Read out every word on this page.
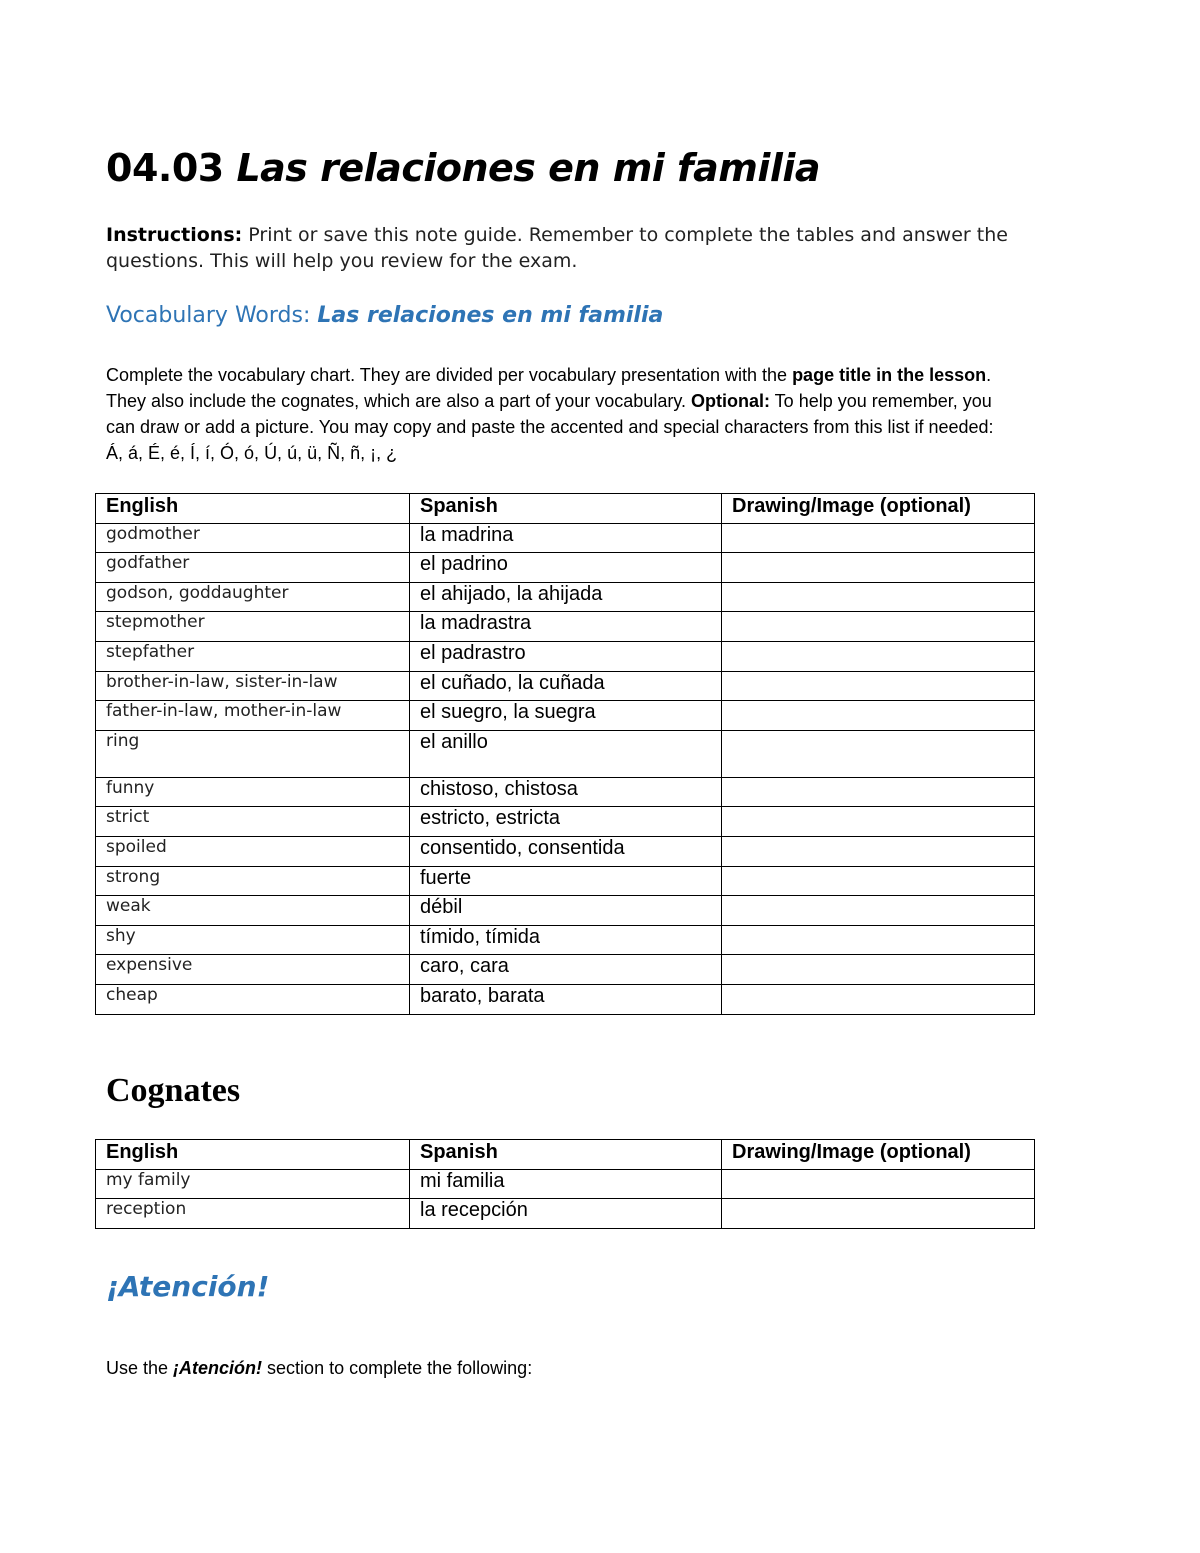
04.03 Las relaciones en mi familia
Instructions: Print or save this note guide. Remember to complete the tables and answer the questions. This will help you review for the exam.
Vocabulary Words: Las relaciones en mi familia

Complete the vocabulary chart. They are divided per vocabulary presentation with the page title in the lesson.

They also include the cognates, which are also a part of your vocabulary. Optional: To help you remember, you

can draw or add a picture. You may copy and paste the accented and special characters from this list if needed:

Á, á, É, é, Í, í, Ó, ó, Ú, ú, ü, Ñ, ñ, ¡, ¿

English	Spanish	Drawing/Image (optional)
godmother	la madrina	
godfather	el padrino	
godson, goddaughter	el ahijado, la ahijada	
stepmother	la madrastra	
stepfather	el padrastro	
brother-in-law, sister-in-law	el cuñado, la cuñada	
father-in-law, mother-in-law	el suegro, la suegra	
ring	el anillo	
funny	chistoso, chistosa	
strict	estricto, estricta	
spoiled	consentido, consentida	
strong	fuerte	
weak	débil	
shy	tímido, tímida	
expensive	caro, cara	
cheap	barato, barata	
Cognates
English	Spanish	Drawing/Image (optional)
my family	mi familia	
reception	la recepción	
¡Atención!
Use the ¡Atención! section to complete the following:
